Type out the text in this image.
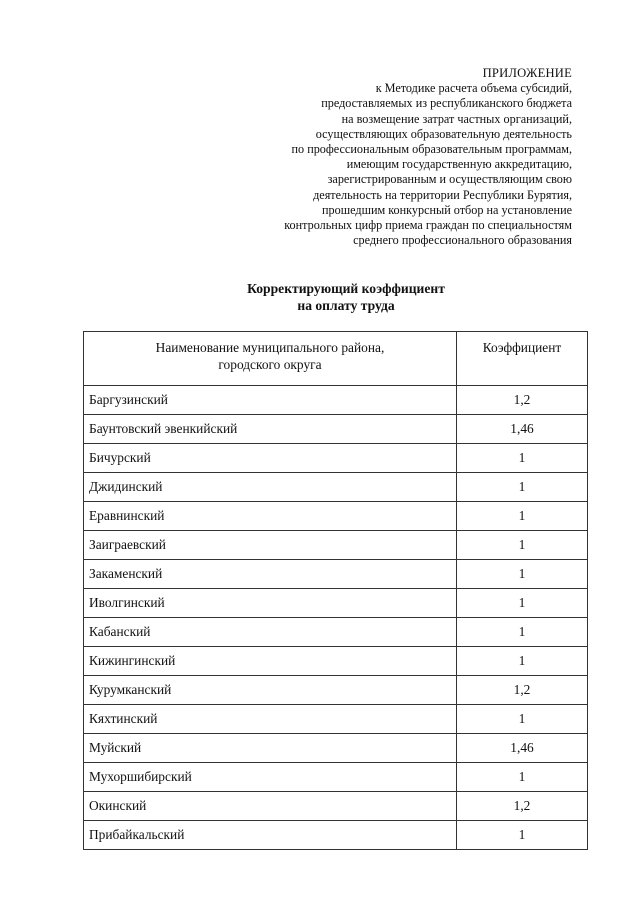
ПРИЛОЖЕНИЕ
к Методике расчета объема субсидий,
предоставляемых из республиканского бюджета
на возмещение затрат частных организаций,
осуществляющих образовательную деятельность
по профессиональным образовательным программам,
имеющим государственную аккредитацию,
зарегистрированным и осуществляющим свою
деятельность на территории Республики Бурятия,
прошедшим конкурсный отбор на установление
контрольных цифр приема граждан по специальностям
среднего профессионального образования
Корректирующий коэффициент
на оплату труда
Наименование муниципального района,
городского округа	Коэффициент
Баргузинский	1,2
Баунтовский эвенкийский	1,46
Бичурский	1
Джидинский	1
Еравнинский	1
Заиграевский	1
Закаменский	1
Иволгинский	1
Кабанский	1
Кижингинский	1
Курумканский	1,2
Кяхтинский	1
Муйский	1,46
Мухоршибирский	1
Окинский	1,2
Прибайкальский	1
